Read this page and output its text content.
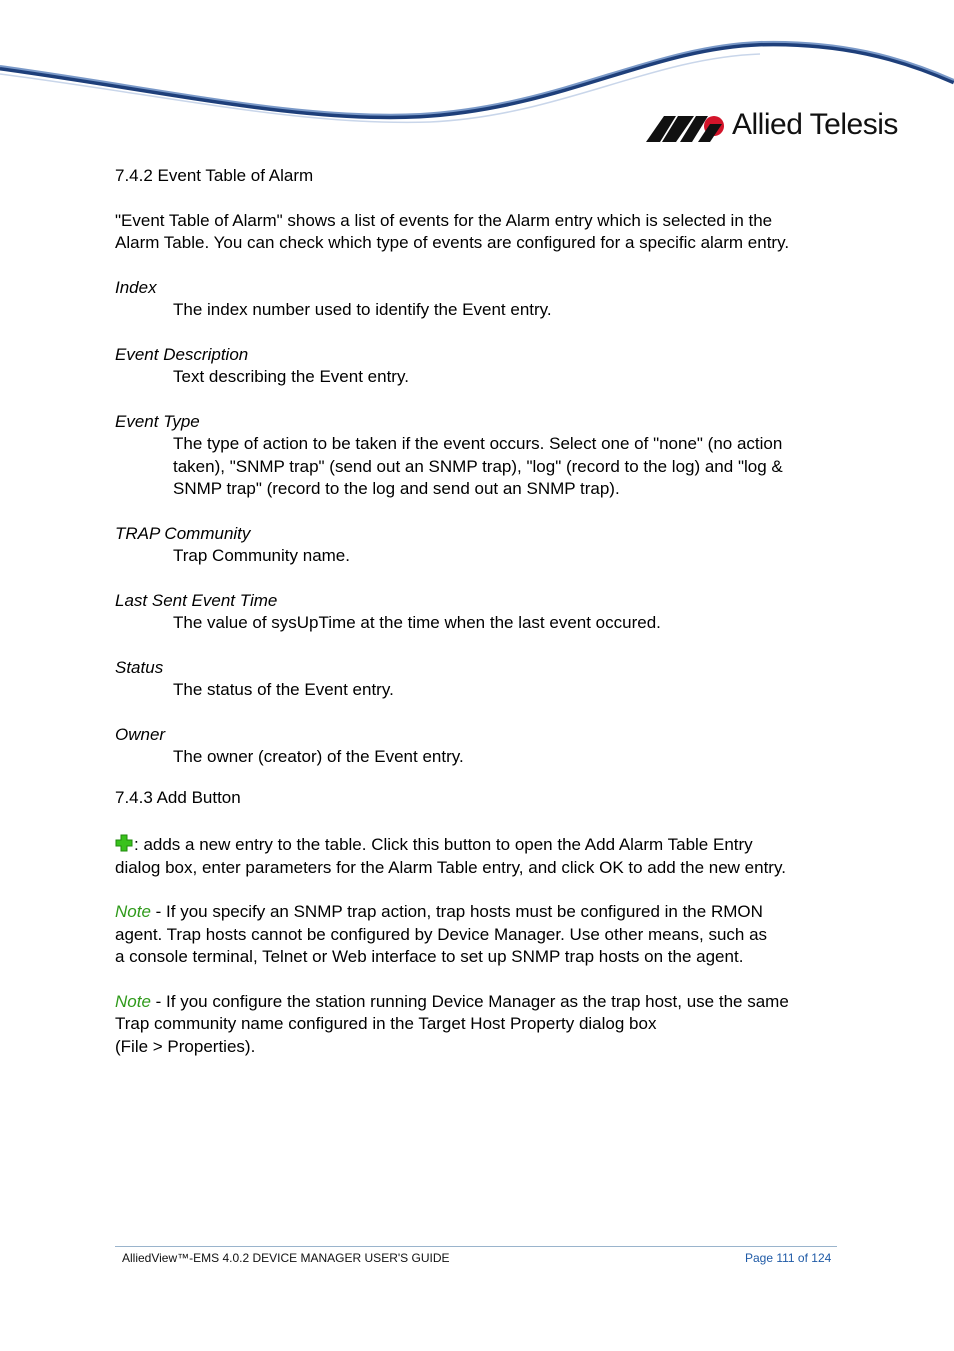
Allied Telesis

7.4.2 Event Table of Alarm

"Event Table of Alarm" shows a list of events for the Alarm entry which is selected in the

Alarm Table. You can check which type of events are configured for a specific alarm entry.

Index

The index number used to identify the Event entry.

Event Description

Text describing the Event entry.

Event Type

The type of action to be taken if the event occurs. Select one of "none" (no action

taken), "SNMP trap" (send out an SNMP trap), "log" (record to the log) and "log &

SNMP trap" (record to the log and send out an SNMP trap).

TRAP Community

Trap Community name.

Last Sent Event Time

The value of sysUpTime at the time when the last event occured.

Status

The status of the Event entry.

Owner

The owner (creator) of the Event entry.

7.4.3 Add Button

: adds a new entry to the table. Click this button to open the Add Alarm Table Entry

dialog box, enter parameters for the Alarm Table entry, and click OK to add the new entry.

Note - If you specify an SNMP trap action, trap hosts must be configured in the RMON

agent. Trap hosts cannot be configured by Device Manager. Use other means, such as

a console terminal, Telnet or Web interface to set up SNMP trap hosts on the agent.

Note - If you configure the station running Device Manager as the trap host, use the same

Trap community name configured in the Target Host Property dialog box

(File > Properties).

AlliedView™-EMS 4.0.2 DEVICE MANAGER USER'S GUIDE	Page 111 of 124
